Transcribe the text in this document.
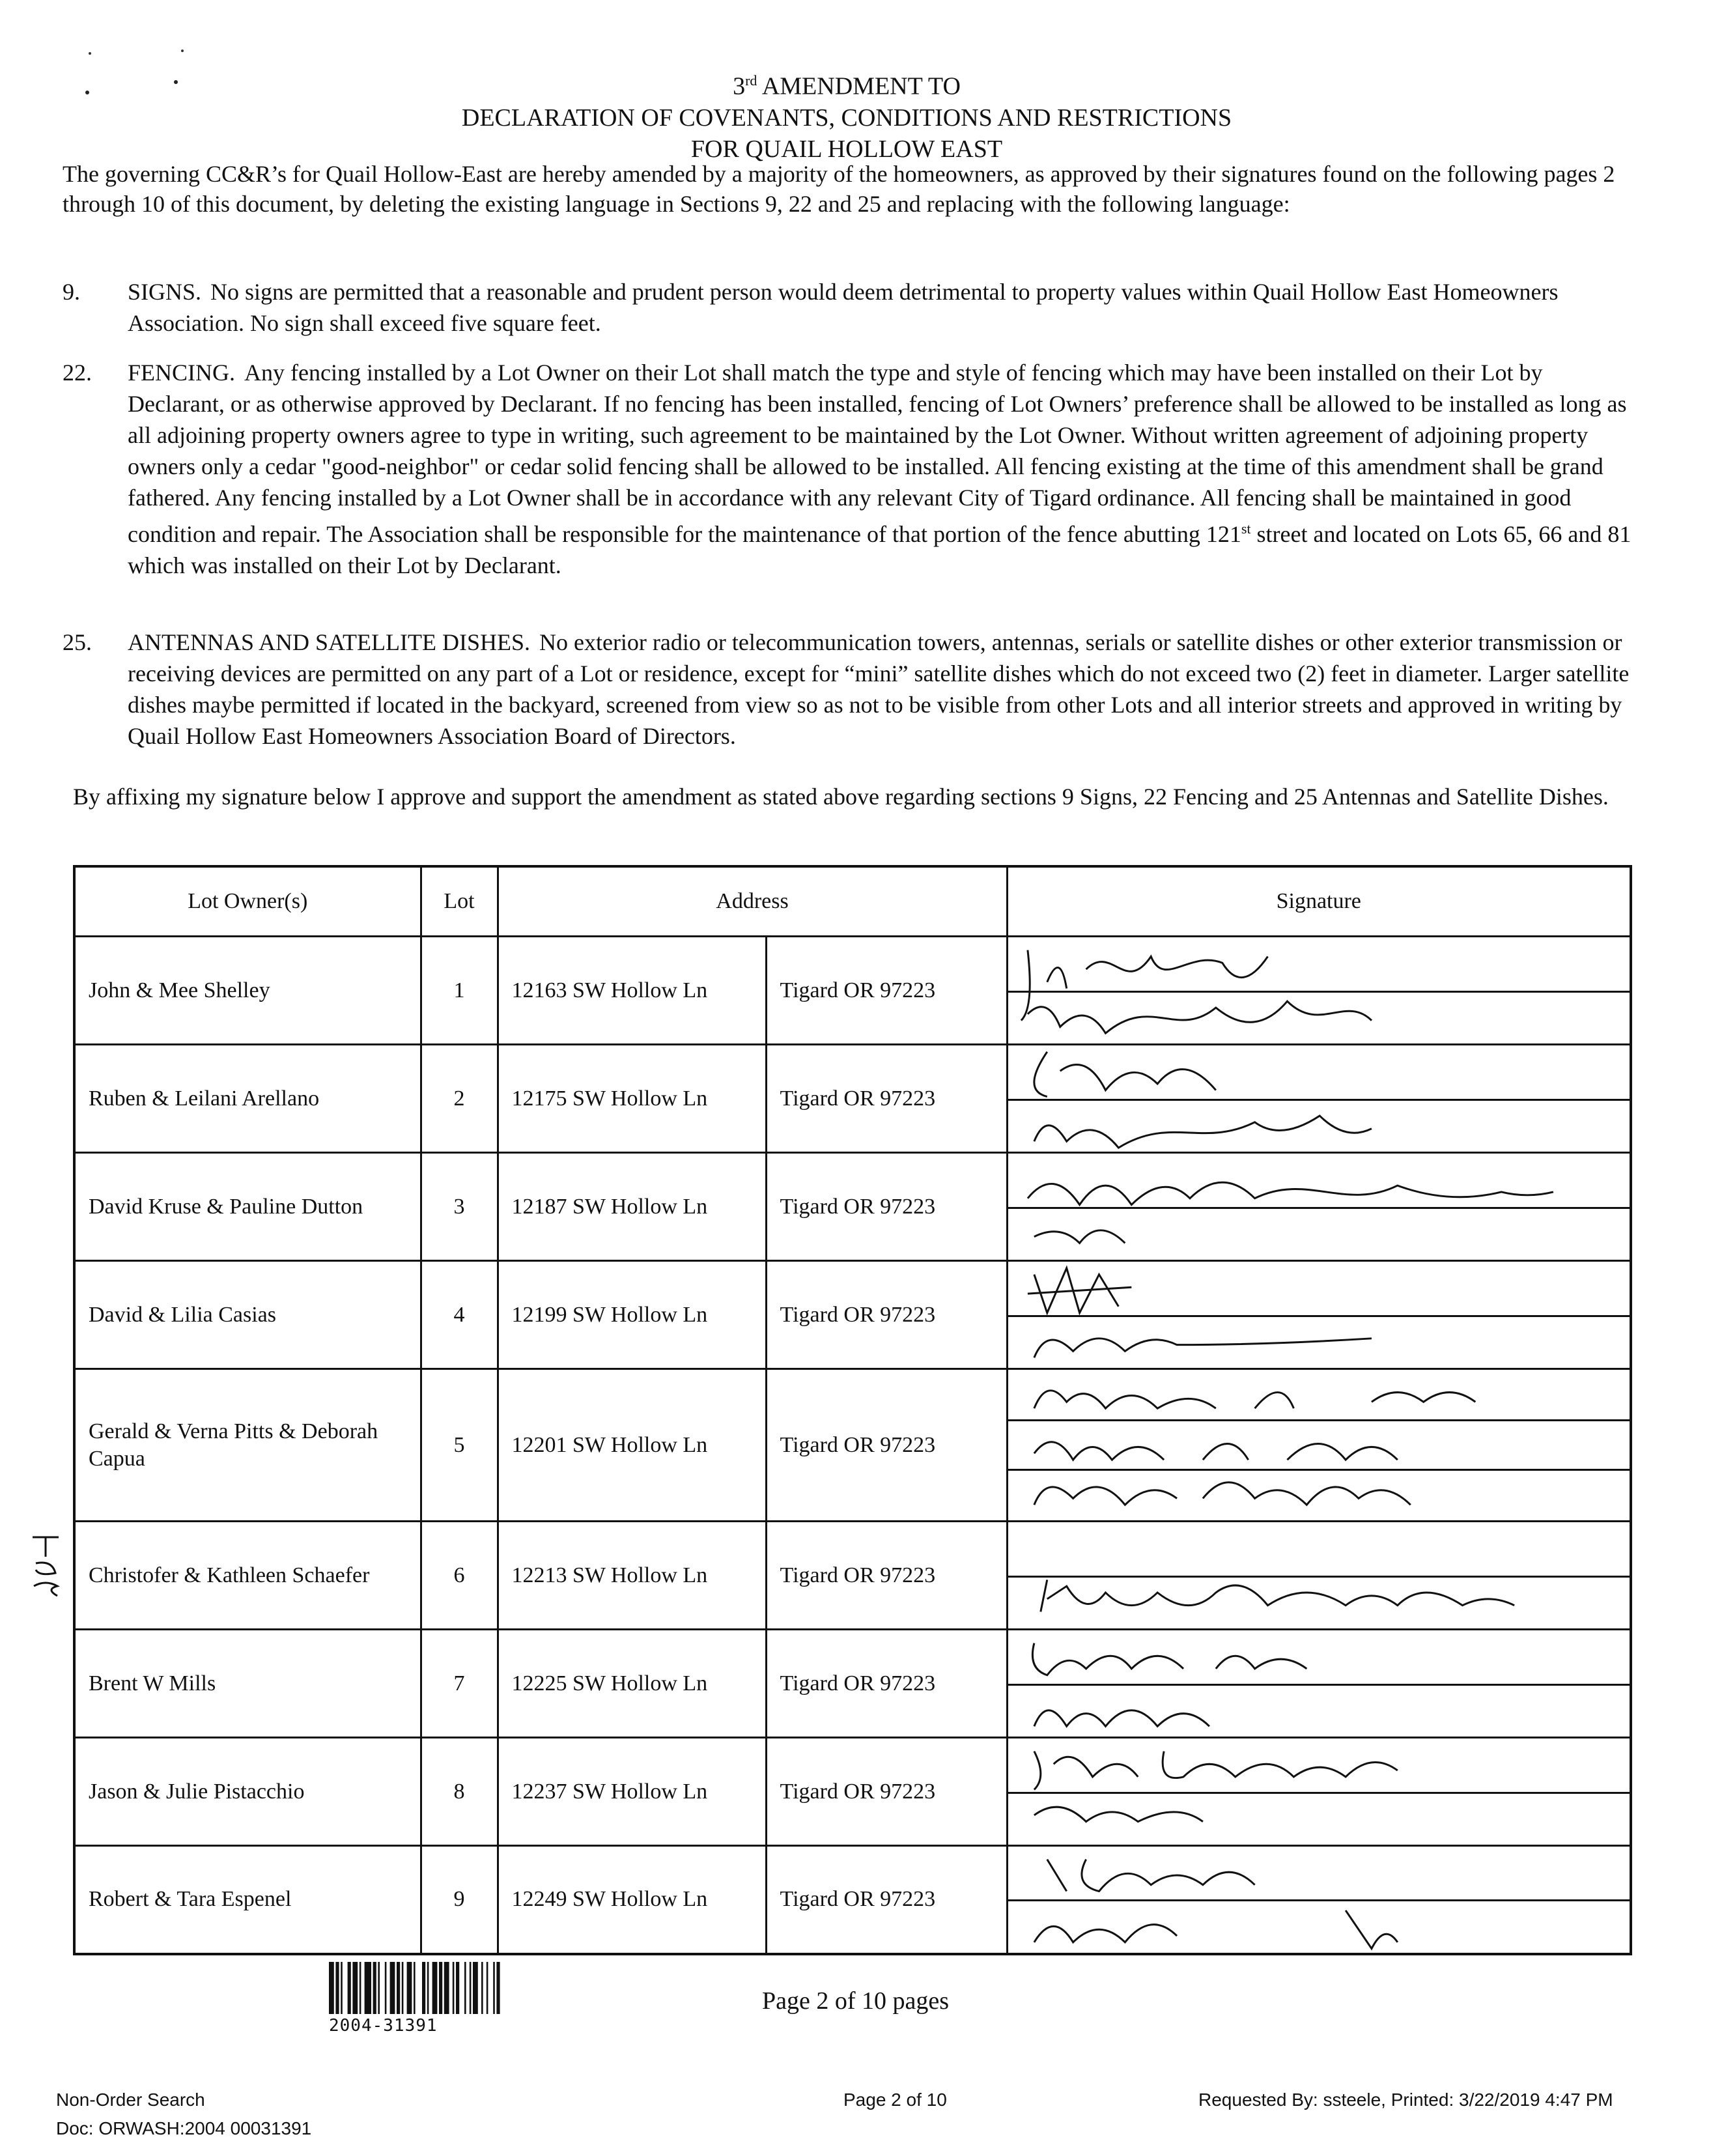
3rd AMENDMENT TO
DECLARATION OF COVENANTS, CONDITIONS AND RESTRICTIONS
FOR QUAIL HOLLOW EAST
The governing CC&R’s for Quail Hollow-East are hereby amended by a majority of the homeowners, as approved by their signatures found on the following pages 2 through 10 of this document, by deleting the existing language in Sections 9, 22 and 25 and replacing with the following language:
9.	SIGNS. No signs are permitted that a reasonable and prudent person would deem detrimental to property values within Quail Hollow East Homeowners Association. No sign shall exceed five square feet.
22.	FENCING. Any fencing installed by a Lot Owner on their Lot shall match the type and style of fencing which may have been installed on their Lot by Declarant, or as otherwise approved by Declarant. If no fencing has been installed, fencing of Lot Owners’ preference shall be allowed to be installed as long as all adjoining property owners agree to type in writing, such agreement to be maintained by the Lot Owner. Without written agreement of adjoining property owners only a cedar "good-neighbor" or cedar solid fencing shall be allowed to be installed. All fencing existing at the time of this amendment shall be grand fathered. Any fencing installed by a Lot Owner shall be in accordance with any relevant City of Tigard ordinance. All fencing shall be maintained in good condition and repair. The Association shall be responsible for the maintenance of that portion of the fence abutting 121st street and located on Lots 65, 66 and 81 which was installed on their Lot by Declarant.
25.	ANTENNAS AND SATELLITE DISHES. No exterior radio or telecommunication towers, antennas, serials or satellite dishes or other exterior transmission or receiving devices are permitted on any part of a Lot or residence, except for “mini” satellite dishes which do not exceed two (2) feet in diameter. Larger satellite dishes maybe permitted if located in the backyard, screened from view so as not to be visible from other Lots and all interior streets and approved in writing by Quail Hollow East Homeowners Association Board of Directors.
By affixing my signature below I approve and support the amendment as stated above regarding sections 9 Signs, 22 Fencing and 25 Antennas and Satellite Dishes.
Lot Owner(s)	Lot	Address		Signature
John & Mee Shelley	1	12163 SW Hollow Ln	Tigard OR 97223	

Ruben & Leilani Arellano	2	12175 SW Hollow Ln	Tigard OR 97223	

David Kruse & Pauline Dutton	3	12187 SW Hollow Ln	Tigard OR 97223	

David & Lilia Casias	4	12199 SW Hollow Ln	Tigard OR 97223	

Gerald & Verna Pitts & Deborah Capua	5	12201 SW Hollow Ln	Tigard OR 97223	

Christofer & Kathleen Schaefer	6	12213 SW Hollow Ln	Tigard OR 97223	

Brent W Mills	7	12225 SW Hollow Ln	Tigard OR 97223	

Jason & Julie Pistacchio	8	12237 SW Hollow Ln	Tigard OR 97223	

Robert & Tara Espenel	9	12249 SW Hollow Ln	Tigard OR 97223	
2004-31391
Page 2 of 10 pages
Non-Order Search	Page 2 of 10	Requested By: ssteele, Printed: 3/22/2019 4:47 PM
Doc: ORWASH:2004 00031391
